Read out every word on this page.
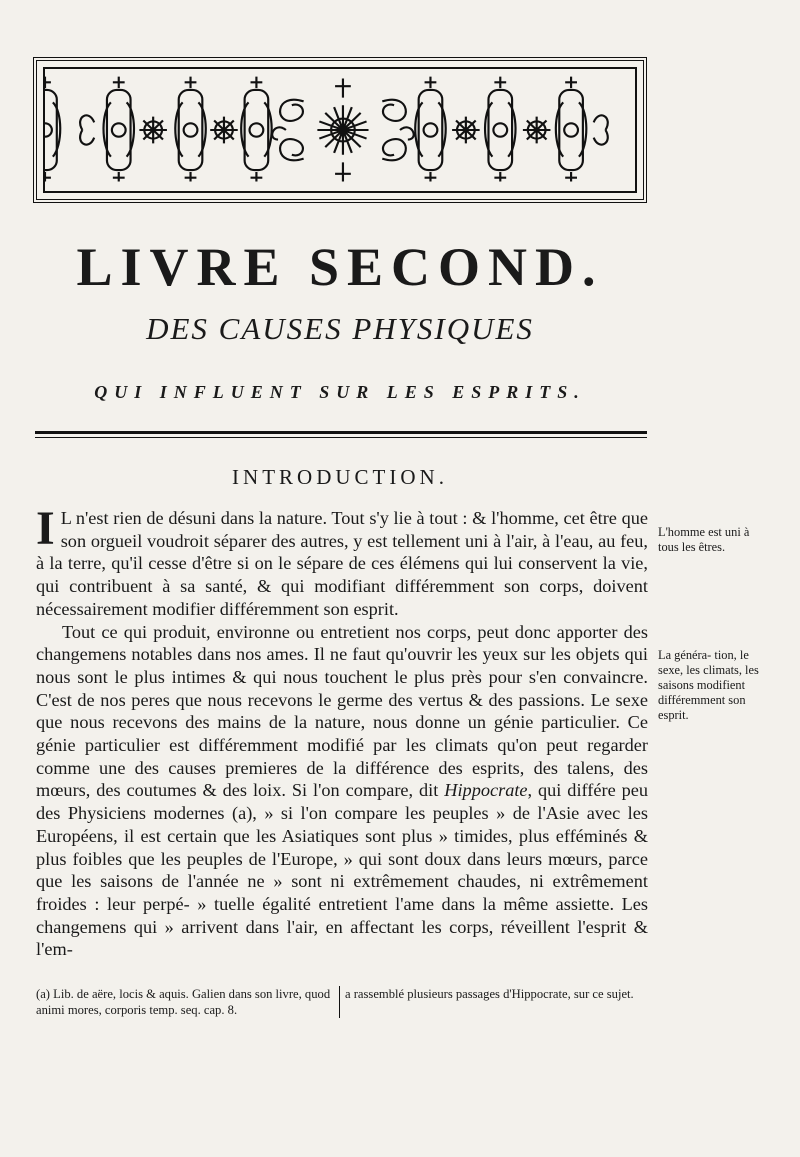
LIVRE SECOND.
DES CAUSES PHYSIQUES
QUI INFLUENT SUR LES ESPRITS.
INTRODUCTION.

I L n'est rien de désuni dans la nature. Tout s'y lie à tout : & l'homme, cet être que son orgueil voudroit séparer des autres, y est tellement uni à l'air, à l'eau, au feu, à la terre, qu'il cesse d'être si on le sépare de ces élémens qui lui conservent la vie, qui contribuent à sa santé, & qui modifiant différemment son corps, doivent nécessairement modifier différemment son esprit.

Tout ce qui produit, environne ou entretient nos corps, peut donc apporter des changemens notables dans nos ames. Il ne faut qu'ouvrir les yeux sur les objets qui nous sont le plus intimes & qui nous touchent le plus près pour s'en convaincre. C'est de nos peres que nous recevons le germe des vertus & des passions. Le sexe que nous recevons des mains de la nature, nous donne un génie particulier. Ce génie particulier est différemment modifié par les climats qu'on peut regarder comme une des causes premieres de la différence des esprits, des talens, des mœurs, des coutumes & des loix. Si l'on compare, dit Hippocrate, qui différe peu des Physiciens modernes (a), » si l'on compare les peuples » de l'Asie avec les Européens, il est certain que les Asiatiques sont plus » timides, plus efféminés & plus foibles que les peuples de l'Europe, » qui sont doux dans leurs mœurs, parce que les saisons de l'année ne » sont ni extrêmement chaudes, ni extrêmement froides : leur perpé- » tuelle égalité entretient l'ame dans la même assiette. Les changemens qui » arrivent dans l'air, en affectant les corps, réveillent l'esprit & l'em-

(a) Lib. de aëre, locis & aquis. Galien dans son livre, quod animi mores, corporis temp. seq. cap. 8.
a rassemblé plusieurs passages d'Hippocrate, sur ce sujet.
L'homme est uni à tous les êtres.
La généra- tion, le sexe, les climats, les saisons modifient différemment son esprit.
